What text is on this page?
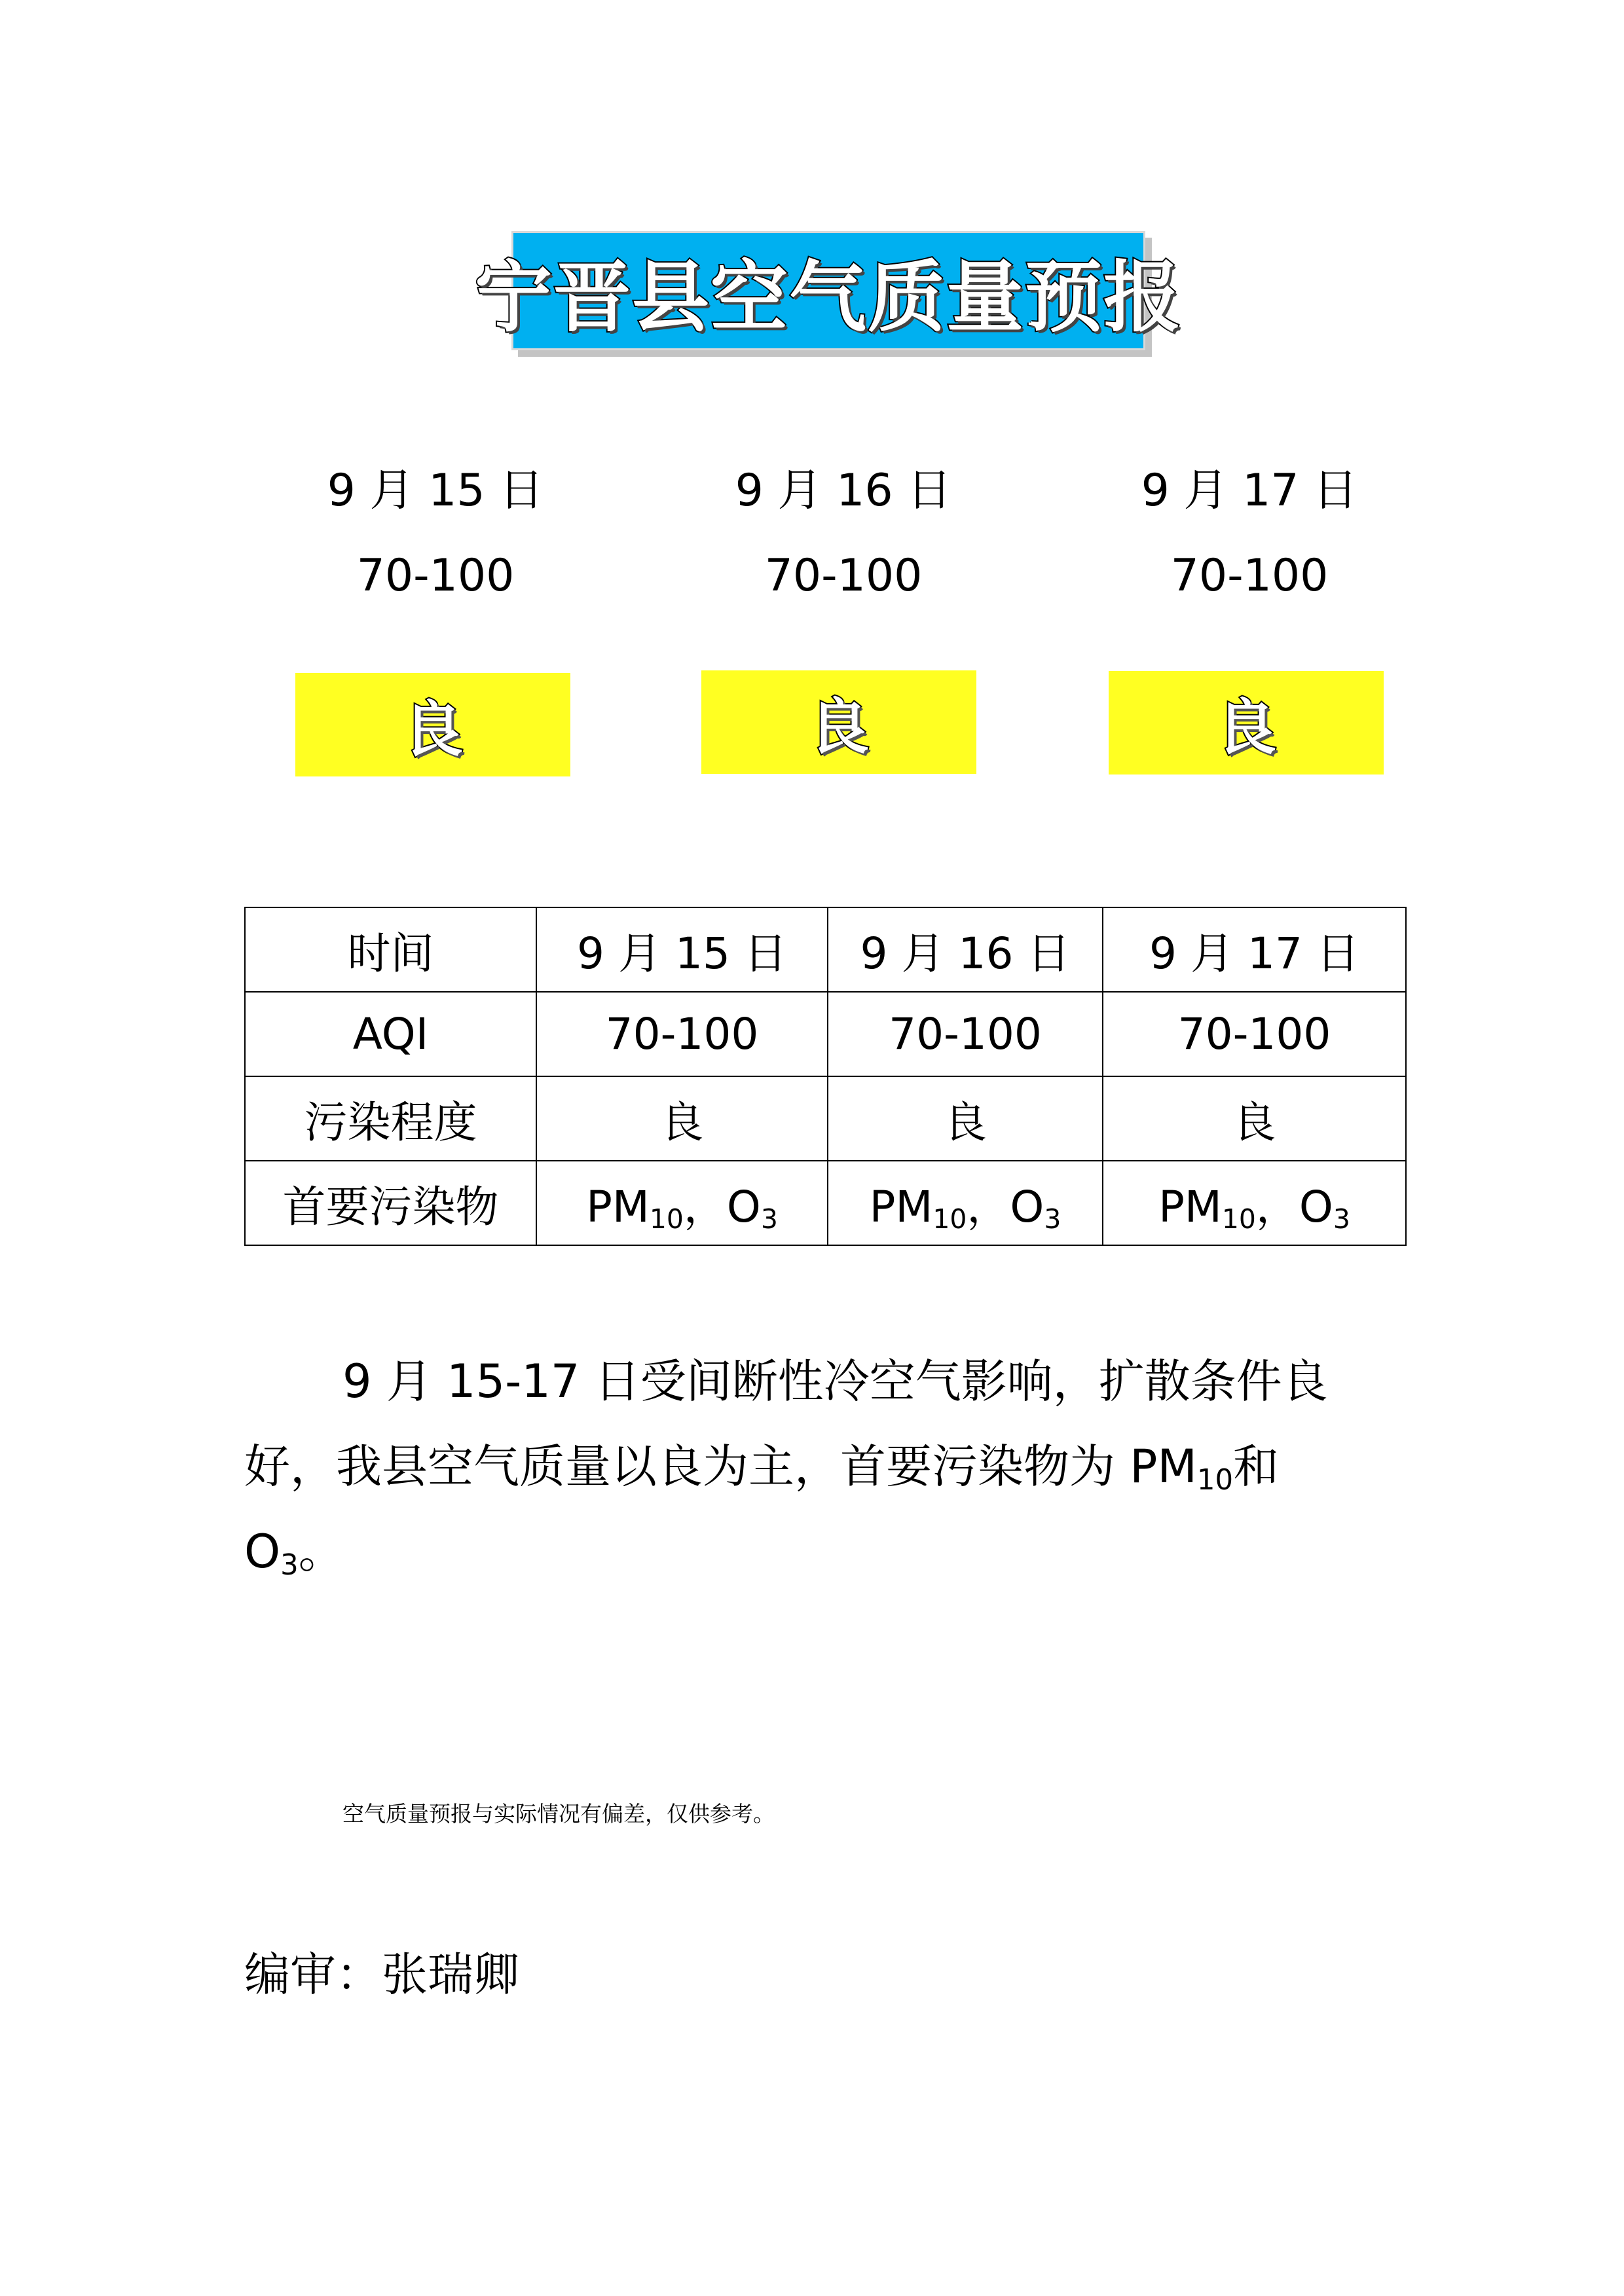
宁晋县空气质量预报
9 月 15 日
70-100
良
9 月 16 日
70-100
良
9 月 17 日
70-100
良
时间	9 月 15 日	9 月 16 日	9 月 17 日
AQI	70-100	70-100	70-100
污染程度	良	良	良
首要污染物	$PM_{10}$，$O_3$	$PM_{10}$，$O_3$	$PM_{10}$，$O_3$
9 月 15-17 日受间断性冷空气影响，扩散条件良
好，我县空气质量以良为主，首要污染物为 $PM_{10}$和
$O_3$。
空气质量预报与实际情况有偏差，仅供参考。
编审：张瑞卿
